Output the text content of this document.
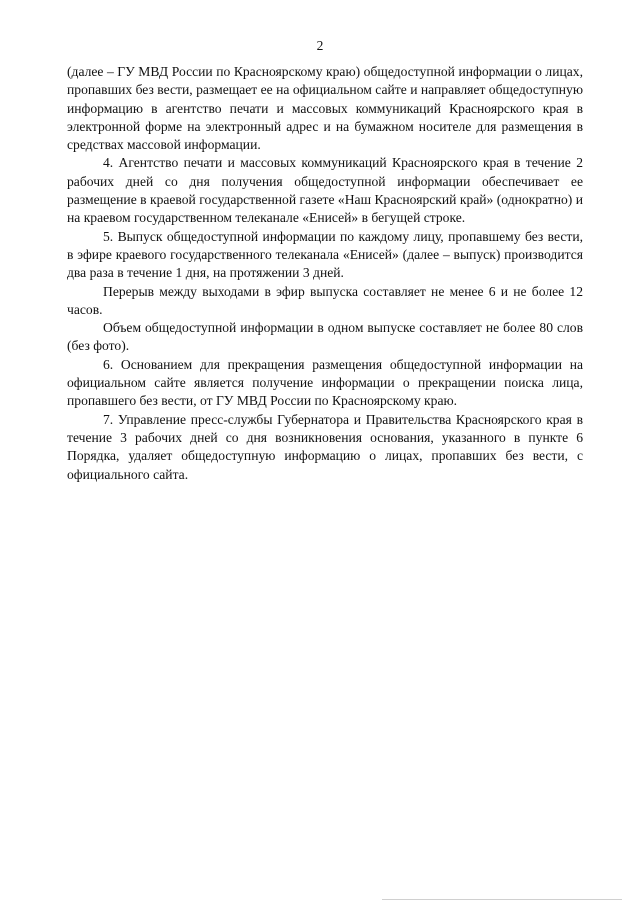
2

(далее – ГУ МВД России по Красноярскому краю) общедоступной информации о лицах, пропавших без вести, размещает ее на официальном сайте и направляет общедоступную информацию в агентство печати и массовых коммуникаций Красноярского края в электронной форме на электронный адрес и на бумажном носителе для размещения в средствах массовой информации.

4. Агентство печати и массовых коммуникаций Красноярского края в течение 2 рабочих дней со дня получения общедоступной информации обеспечивает ее размещение в краевой государственной газете «Наш Красноярский край» (однократно) и на краевом государственном телеканале «Енисей» в бегущей строке.

5. Выпуск общедоступной информации по каждому лицу, пропавшему без вести, в эфире краевого государственного телеканала «Енисей» (далее – выпуск) производится два раза в течение 1 дня, на протяжении 3 дней.

Перерыв между выходами в эфир выпуска составляет не менее 6 и не более 12 часов.

Объем общедоступной информации в одном выпуске составляет не более 80 слов (без фото).

6. Основанием для прекращения размещения общедоступной информации на официальном сайте является получение информации о прекращении поиска лица, пропавшего без вести, от ГУ МВД России по Красноярскому краю.

7. Управление пресс-службы Губернатора и Правительства Красноярского края в течение 3 рабочих дней со дня возникновения основания, указанного в пункте 6 Порядка, удаляет общедоступную информацию о лицах, пропавших без вести, с официального сайта.
